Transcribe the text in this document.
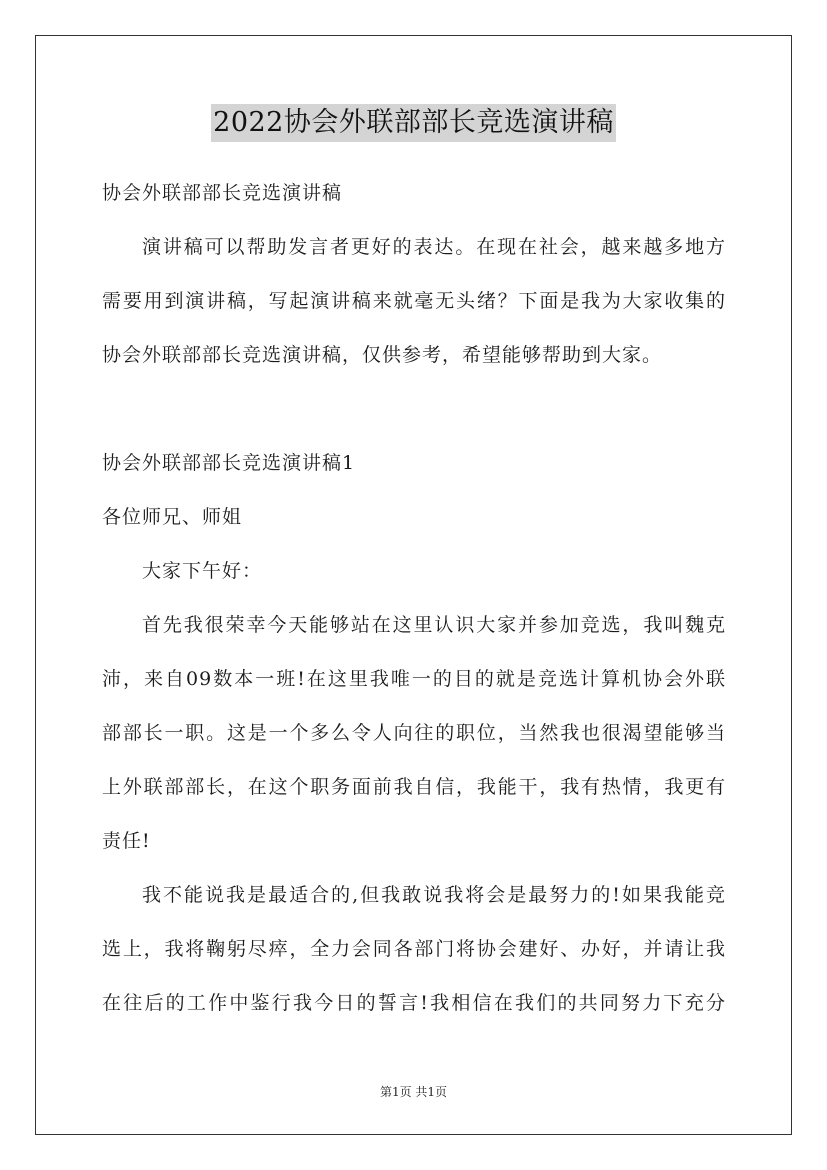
2022协会外联部部长竞选演讲稿
协会外联部部长竞选演讲稿
演讲稿可以帮助发言者更好的表达。在现在社会，越来越多地方
需要用到演讲稿，写起演讲稿来就毫无头绪？下面是我为大家收集的
协会外联部部长竞选演讲稿，仅供参考，希望能够帮助到大家。
协会外联部部长竞选演讲稿1
各位师兄、师姐
大家下午好：
首先我很荣幸今天能够站在这里认识大家并参加竞选，我叫魏克
沛，来自09数本一班!在这里我唯一的目的就是竞选计算机协会外联
部部长一职。这是一个多么令人向往的职位，当然我也很渴望能够当
上外联部部长，在这个职务面前我自信，我能干，我有热情，我更有
责任!
我不能说我是最适合的,但我敢说我将会是最努力的!如果我能竞
选上，我将鞠躬尽瘁，全力会同各部门将协会建好、办好，并请让我
在往后的工作中鉴行我今日的誓言!我相信在我们的共同努力下充分
第1页 共1页
